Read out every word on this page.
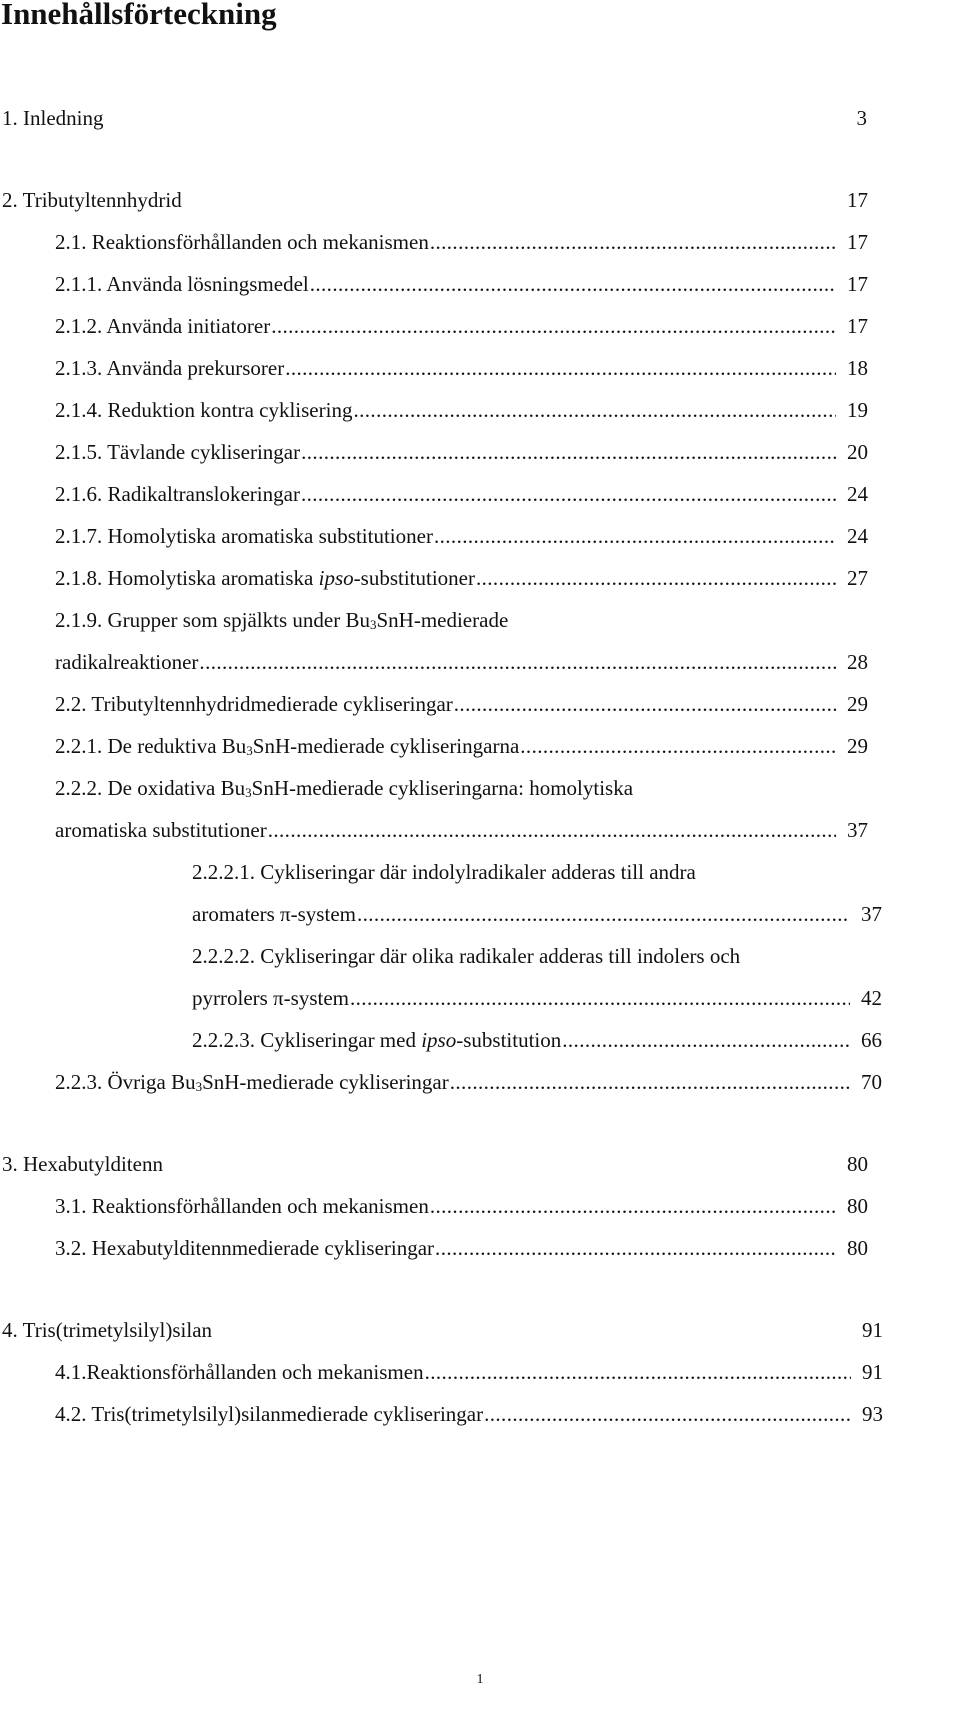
Innehållsförteckning
1. Inledning	3
2. Tributyltennhydrid	17
2.1. Reaktionsförhållanden och mekanismen .....	17
2.1.1. Använda lösningsmedel .....	17
2.1.2. Använda initiatorer .....	17
2.1.3. Använda prekursorer .....	18
2.1.4. Reduktion kontra cyklisering .....	19
2.1.5. Tävlande cykliseringar .....	20
2.1.6. Radikaltranslokeringar .....	24
2.1.7. Homolytiska aromatiska substitutioner .....	24
2.1.8. Homolytiska aromatiska ipso-substitutioner .....	27
2.1.9. Grupper som spjälkts under $Bu_3SnH$-medierade
radikalreaktioner .....	28
2.2. Tributyltennhydridmedierade cykliseringar .....	29
2.2.1. De reduktiva $Bu_3SnH$-medierade cykliseringarna .....	29
2.2.2. De oxidativa $Bu_3SnH$-medierade cykliseringarna: homolytiska
aromatiska substitutioner .....	37
2.2.2.1. Cykliseringar där indolylradikaler adderas till andra
aromaters π-system .....	37
2.2.2.2. Cykliseringar där olika radikaler adderas till indolers och
pyrrolers π-system .....	42
2.2.2.3. Cykliseringar med ipso-substitution .....	66
2.2.3. Övriga $Bu_3SnH$-medierade cykliseringar .....	70
3. Hexabutylditenn	80
3.1. Reaktionsförhållanden och mekanismen .....	80
3.2. Hexabutylditennmedierade cykliseringar .....	80
4. Tris(trimetylsilyl)silan	91
4.1.Reaktionsförhållanden och mekanismen .....	91
4.2. Tris(trimetylsilyl)silanmedierade cykliseringar .....	93
1
